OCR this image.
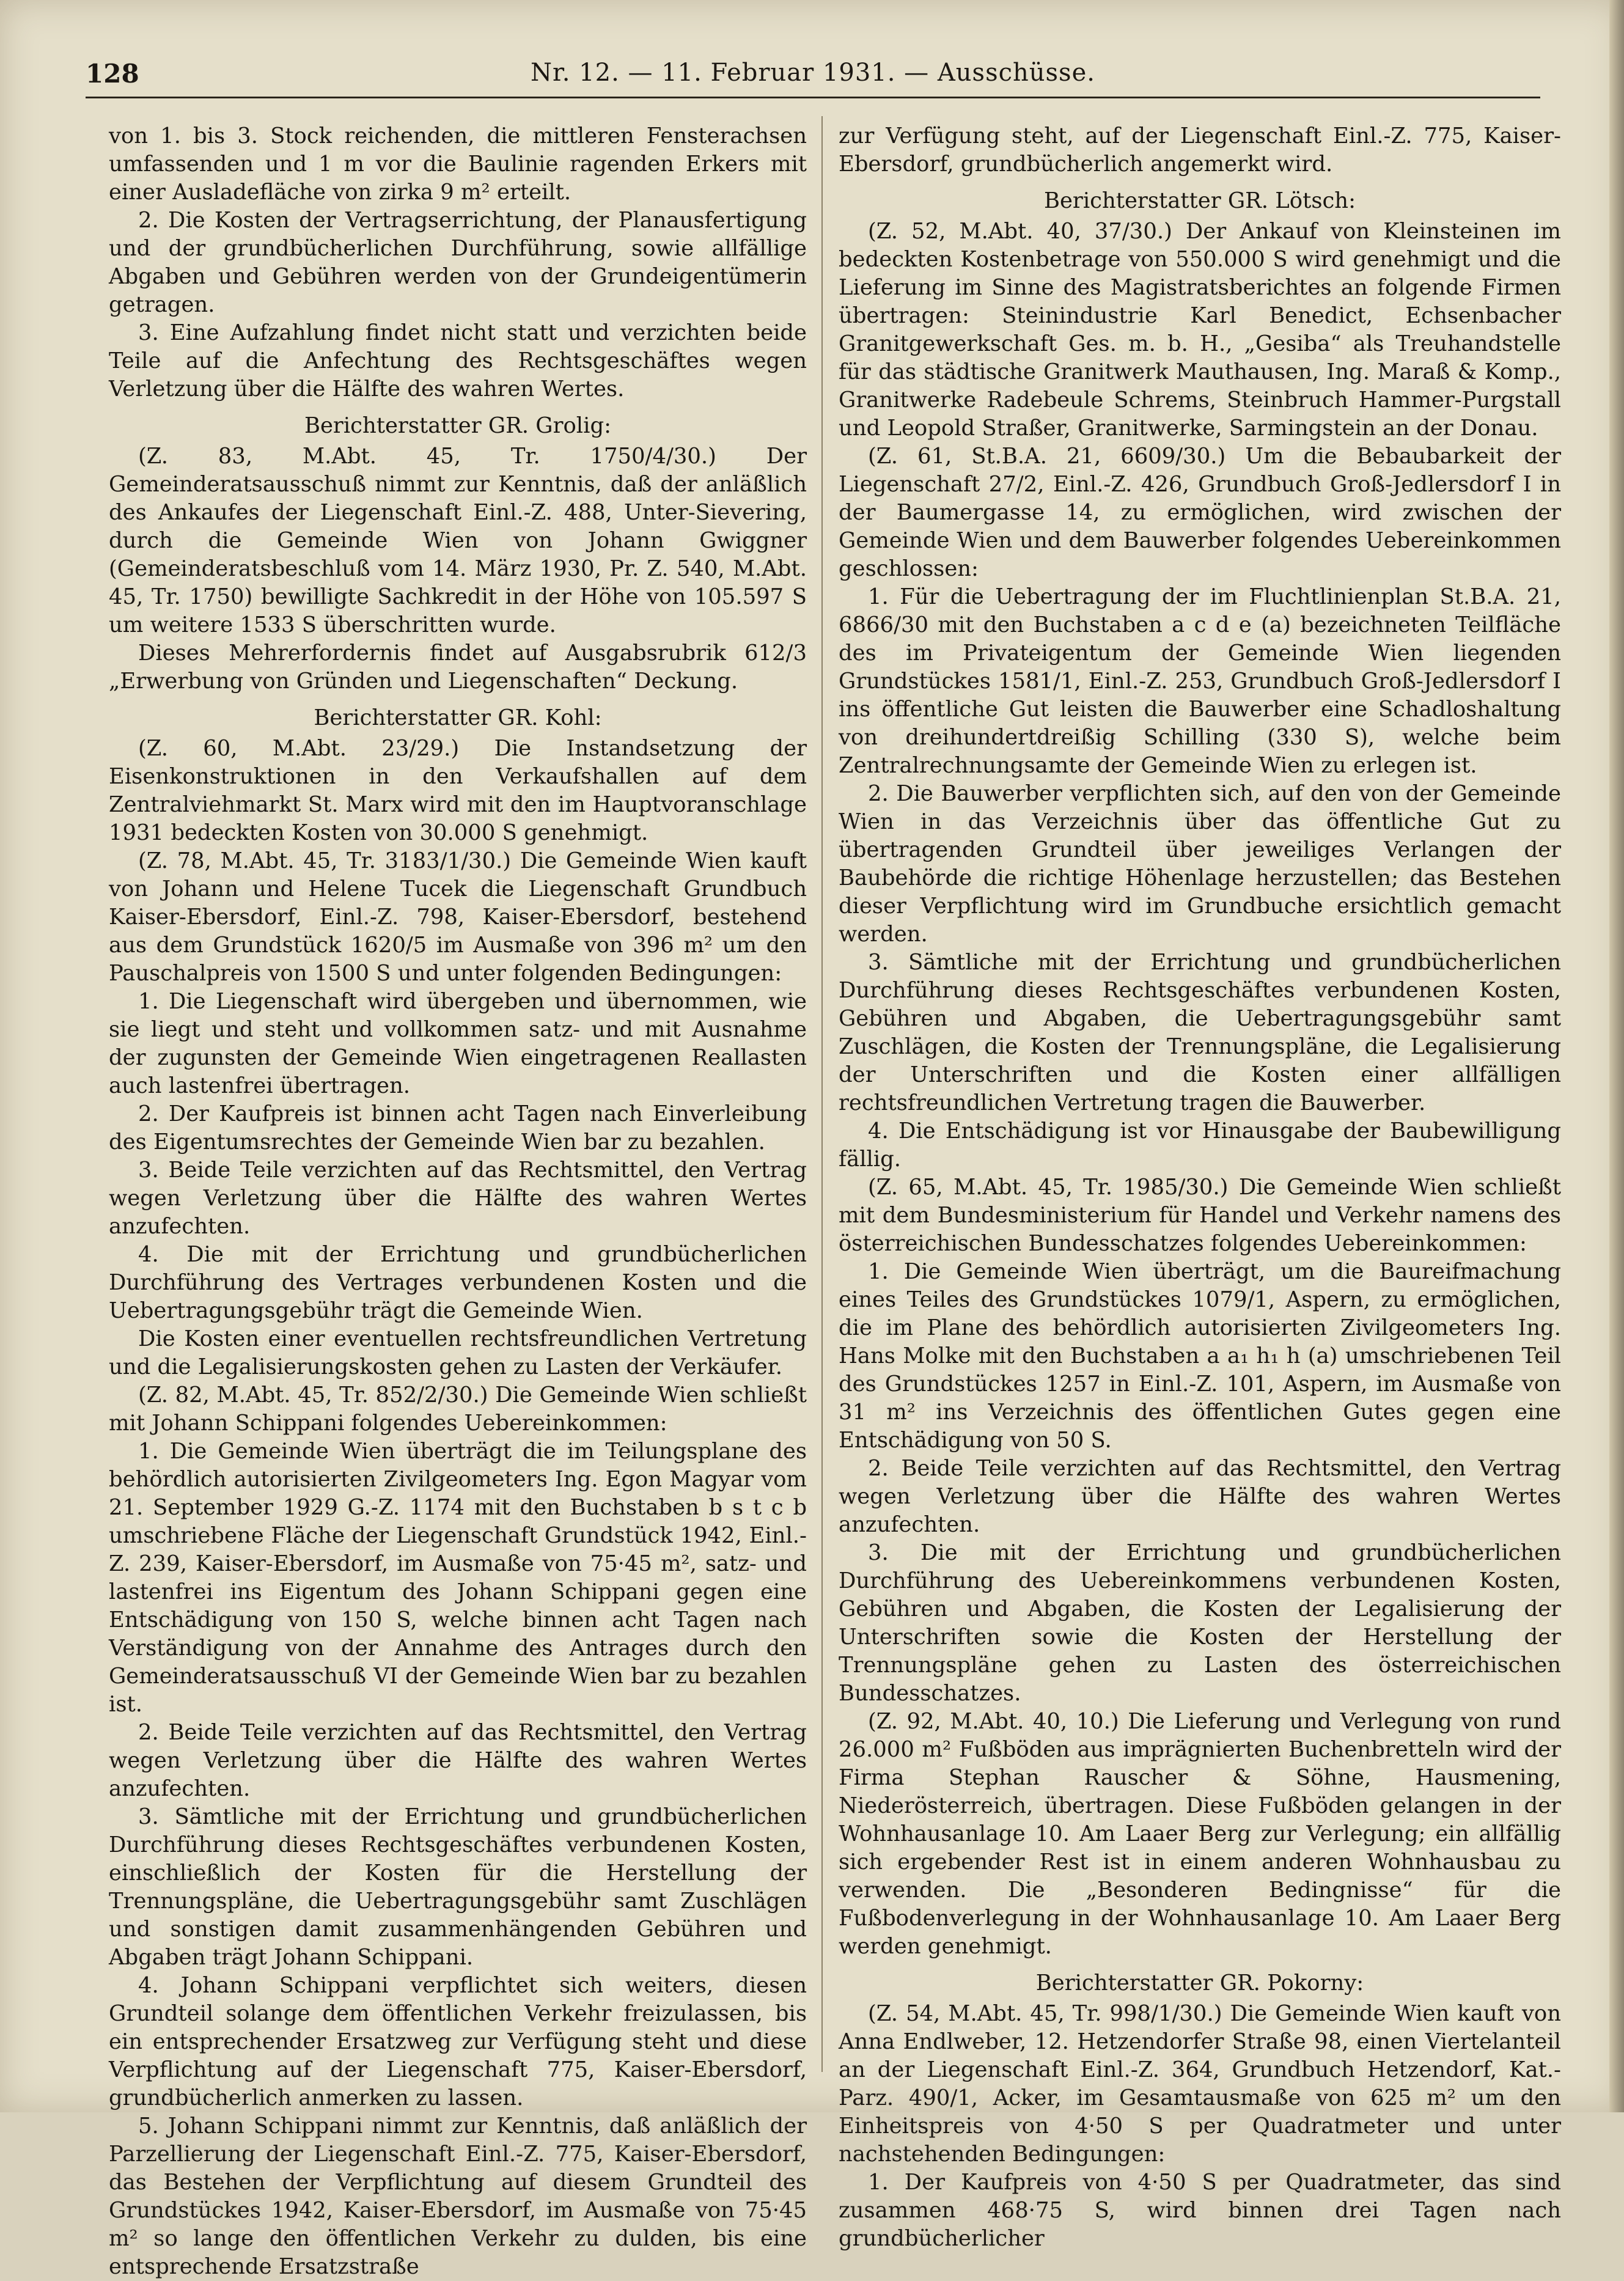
128	Nr. 12. — 11. Februar 1931. — Ausschüsse.

von 1. bis 3. Stock reichenden, die mittleren Fensterachsen umfassenden und 1 m vor die Baulinie ragenden Erkers mit einer Ausladefläche von zirka 9 m² erteilt.

2. Die Kosten der Vertragserrichtung, der Planausfertigung und der grundbücherlichen Durchführung, sowie allfällige Abgaben und Gebühren werden von der Grundeigentümerin getragen.

3. Eine Aufzahlung findet nicht statt und verzichten beide Teile auf die Anfechtung des Rechtsgeschäftes wegen Verletzung über die Hälfte des wahren Wertes.

Berichterstatter GR. Grolig:

(Z. 83, M.Abt. 45, Tr. 1750/4/30.) Der Gemeinderatsausschuß nimmt zur Kenntnis, daß der anläßlich des Ankaufes der Liegenschaft Einl.-Z. 488, Unter-Sievering, durch die Gemeinde Wien von Johann Gwiggner (Gemeinderatsbeschluß vom 14. März 1930, Pr. Z. 540, M.Abt. 45, Tr. 1750) bewilligte Sachkredit in der Höhe von 105.597 S um weitere 1533 S überschritten wurde.

Dieses Mehrerfordernis findet auf Ausgabsrubrik 612/3 „Erwerbung von Gründen und Liegenschaften“ Deckung.

Berichterstatter GR. Kohl:

(Z. 60, M.Abt. 23/29.) Die Instandsetzung der Eisenkonstruktionen in den Verkaufshallen auf dem Zentralviehmarkt St. Marx wird mit den im Hauptvoranschlage 1931 bedeckten Kosten von 30.000 S genehmigt.

(Z. 78, M.Abt. 45, Tr. 3183/1/30.) Die Gemeinde Wien kauft von Johann und Helene Tucek die Liegenschaft Grundbuch Kaiser-Ebersdorf, Einl.-Z. 798, Kaiser-Ebersdorf, bestehend aus dem Grundstück 1620/5 im Ausmaße von 396 m² um den Pauschalpreis von 1500 S und unter folgenden Bedingungen:

1. Die Liegenschaft wird übergeben und übernommen, wie sie liegt und steht und vollkommen satz- und mit Ausnahme der zugunsten der Gemeinde Wien eingetragenen Reallasten auch lastenfrei übertragen.

2. Der Kaufpreis ist binnen acht Tagen nach Einverleibung des Eigentumsrechtes der Gemeinde Wien bar zu bezahlen.

3. Beide Teile verzichten auf das Rechtsmittel, den Vertrag wegen Verletzung über die Hälfte des wahren Wertes anzufechten.

4. Die mit der Errichtung und grundbücherlichen Durchführung des Vertrages verbundenen Kosten und die Uebertragungsgebühr trägt die Gemeinde Wien.

Die Kosten einer eventuellen rechtsfreundlichen Vertretung und die Legalisierungskosten gehen zu Lasten der Verkäufer.

(Z. 82, M.Abt. 45, Tr. 852/2/30.) Die Gemeinde Wien schließt mit Johann Schippani folgendes Uebereinkommen:

1. Die Gemeinde Wien überträgt die im Teilungsplane des behördlich autorisierten Zivilgeometers Ing. Egon Magyar vom 21. September 1929 G.-Z. 1174 mit den Buchstaben b s t c b umschriebene Fläche der Liegenschaft Grundstück 1942, Einl.-Z. 239, Kaiser-Ebersdorf, im Ausmaße von 75·45 m², satz- und lastenfrei ins Eigentum des Johann Schippani gegen eine Entschädigung von 150 S, welche binnen acht Tagen nach Verständigung von der Annahme des Antrages durch den Gemeinderatsausschuß VI der Gemeinde Wien bar zu bezahlen ist.

2. Beide Teile verzichten auf das Rechtsmittel, den Vertrag wegen Verletzung über die Hälfte des wahren Wertes anzufechten.

3. Sämtliche mit der Errichtung und grundbücherlichen Durchführung dieses Rechtsgeschäftes verbundenen Kosten, einschließlich der Kosten für die Herstellung der Trennungspläne, die Uebertragungsgebühr samt Zuschlägen und sonstigen damit zusammenhängenden Gebühren und Abgaben trägt Johann Schippani.

4. Johann Schippani verpflichtet sich weiters, diesen Grundteil solange dem öffentlichen Verkehr freizulassen, bis ein entsprechender Ersatzweg zur Verfügung steht und diese Verpflichtung auf der Liegenschaft 775, Kaiser-Ebersdorf, grundbücherlich anmerken zu lassen.

5. Johann Schippani nimmt zur Kenntnis, daß anläßlich der Parzellierung der Liegenschaft Einl.-Z. 775, Kaiser-Ebersdorf, das Bestehen der Verpflichtung auf diesem Grundteil des Grundstückes 1942, Kaiser-Ebersdorf, im Ausmaße von 75·45 m² so lange den öffentlichen Verkehr zu dulden, bis eine entsprechende Ersatzstraße

zur Verfügung steht, auf der Liegenschaft Einl.-Z. 775, Kaiser-Ebersdorf, grundbücherlich angemerkt wird.

Berichterstatter GR. Lötsch:

(Z. 52, M.Abt. 40, 37/30.) Der Ankauf von Kleinsteinen im bedeckten Kostenbetrage von 550.000 S wird genehmigt und die Lieferung im Sinne des Magistratsberichtes an folgende Firmen übertragen: Steinindustrie Karl Benedict, Echsenbacher Granitgewerkschaft Ges. m. b. H., „Gesiba“ als Treuhandstelle für das städtische Granitwerk Mauthausen, Ing. Maraß & Komp., Granitwerke Radebeule Schrems, Steinbruch Hammer-Purgstall und Leopold Straßer, Granitwerke, Sarmingstein an der Donau.

(Z. 61, St.B.A. 21, 6609/30.) Um die Bebaubarkeit der Liegenschaft 27/2, Einl.-Z. 426, Grundbuch Groß-Jedlersdorf I in der Baumergasse 14, zu ermöglichen, wird zwischen der Gemeinde Wien und dem Bauwerber folgendes Uebereinkommen geschlossen:

1. Für die Uebertragung der im Fluchtlinienplan St.B.A. 21, 6866/30 mit den Buchstaben a c d e (a) bezeichneten Teilfläche des im Privateigentum der Gemeinde Wien liegenden Grundstückes 1581/1, Einl.-Z. 253, Grundbuch Groß-Jedlersdorf I ins öffentliche Gut leisten die Bauwerber eine Schadloshaltung von dreihundertdreißig Schilling (330 S), welche beim Zentralrechnungsamte der Gemeinde Wien zu erlegen ist.

2. Die Bauwerber verpflichten sich, auf den von der Gemeinde Wien in das Verzeichnis über das öffentliche Gut zu übertragenden Grundteil über jeweiliges Verlangen der Baubehörde die richtige Höhenlage herzustellen; das Bestehen dieser Verpflichtung wird im Grundbuche ersichtlich gemacht werden.

3. Sämtliche mit der Errichtung und grundbücherlichen Durchführung dieses Rechtsgeschäftes verbundenen Kosten, Gebühren und Abgaben, die Uebertragungsgebühr samt Zuschlägen, die Kosten der Trennungspläne, die Legalisierung der Unterschriften und die Kosten einer allfälligen rechtsfreundlichen Vertretung tragen die Bauwerber.

4. Die Entschädigung ist vor Hinausgabe der Baubewilligung fällig.

(Z. 65, M.Abt. 45, Tr. 1985/30.) Die Gemeinde Wien schließt mit dem Bundesministerium für Handel und Verkehr namens des österreichischen Bundesschatzes folgendes Uebereinkommen:

1. Die Gemeinde Wien überträgt, um die Baureifmachung eines Teiles des Grundstückes 1079/1, Aspern, zu ermöglichen, die im Plane des behördlich autorisierten Zivilgeometers Ing. Hans Molke mit den Buchstaben a a₁ h₁ h (a) umschriebenen Teil des Grundstückes 1257 in Einl.-Z. 101, Aspern, im Ausmaße von 31 m² ins Verzeichnis des öffentlichen Gutes gegen eine Entschädigung von 50 S.

2. Beide Teile verzichten auf das Rechtsmittel, den Vertrag wegen Verletzung über die Hälfte des wahren Wertes anzufechten.

3. Die mit der Errichtung und grundbücherlichen Durchführung des Uebereinkommens verbundenen Kosten, Gebühren und Abgaben, die Kosten der Legalisierung der Unterschriften sowie die Kosten der Herstellung der Trennungspläne gehen zu Lasten des österreichischen Bundesschatzes.

(Z. 92, M.Abt. 40, 10.) Die Lieferung und Verlegung von rund 26.000 m² Fußböden aus imprägnierten Buchenbretteln wird der Firma Stephan Rauscher & Söhne, Hausmening, Niederösterreich, übertragen. Diese Fußböden gelangen in der Wohnhausanlage 10. Am Laaer Berg zur Verlegung; ein allfällig sich ergebender Rest ist in einem anderen Wohnhausbau zu verwenden. Die „Besonderen Bedingnisse“ für die Fußbodenverlegung in der Wohnhausanlage 10. Am Laaer Berg werden genehmigt.

Berichterstatter GR. Pokorny:

(Z. 54, M.Abt. 45, Tr. 998/1/30.) Die Gemeinde Wien kauft von Anna Endlweber, 12. Hetzendorfer Straße 98, einen Viertelanteil an der Liegenschaft Einl.-Z. 364, Grundbuch Hetzendorf, Kat.-Parz. 490/1, Acker, im Gesamtausmaße von 625 m² um den Einheitspreis von 4·50 S per Quadratmeter und unter nachstehenden Bedingungen:

1. Der Kaufpreis von 4·50 S per Quadratmeter, das sind zusammen 468·75 S, wird binnen drei Tagen nach grundbücherlicher
